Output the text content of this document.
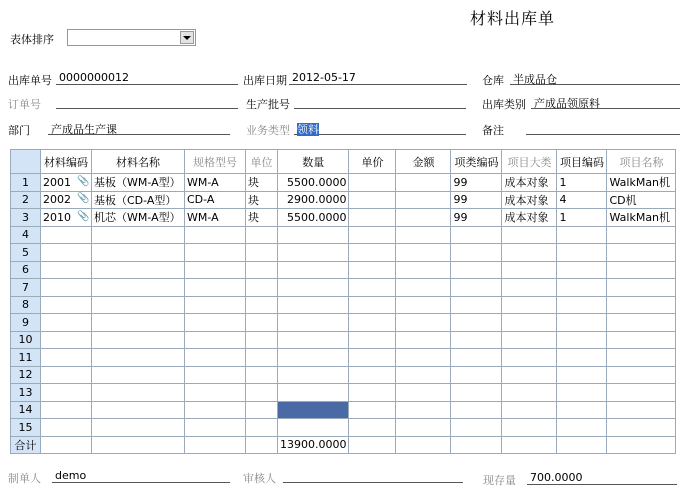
材料出库单
表体排序
出库单号 0000000012	出库日期 2012-05-17	仓库 半成品仓
订单号	生产批号	出库类别 产成品领原料
部门 产成品生产课	业务类型 领料	备注
	材料编码	材料名称	规格型号	单位	数量	单价	金额	项类编码	项目大类	项目编码	项目名称
1	2001 📎	基板（WM-A型）	WM-A	块	5500.0000			99	成本对象	1	WalkMan机
2	2002 📎	基板（CD-A型）	CD-A	块	2900.0000			99	成本对象	4	CD机
3	2010 📎	机芯（WM-A型）	WM-A	块	5500.0000			99	成本对象	1	WalkMan机
4											
5											
6											
7											
8											
9											
10											
11											
12											
13											
14											
15											
合计					13900.0000						
制单人 demo	审核人	现存量 700.0000
